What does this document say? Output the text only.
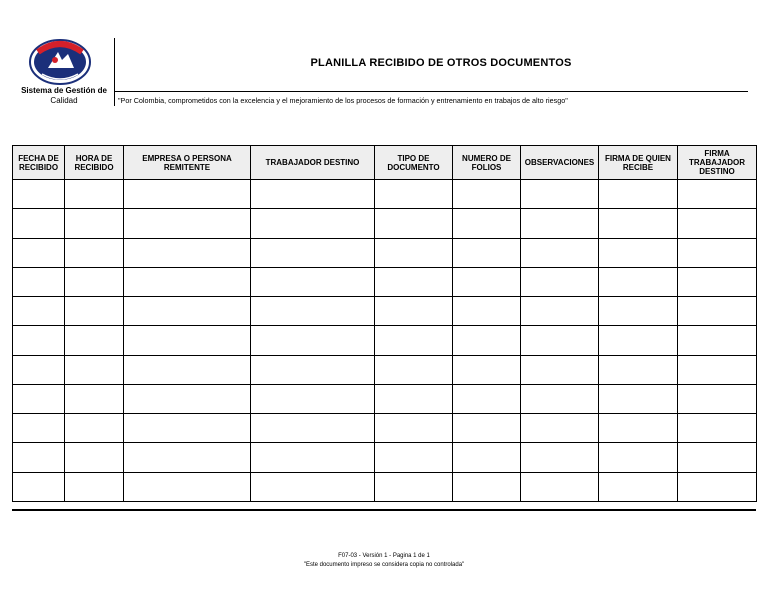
Sistema de Gestión de
Calidad
PLANILLA RECIBIDO DE OTROS DOCUMENTOS
"Por Colombia, comprometidos con la excelencia y el mejoramiento de los procesos de formación y entrenamiento en trabajos de alto riesgo"
FECHA DE RECIBIDO	HORA DE RECIBIDO	EMPRESA O PERSONA REMITENTE	TRABAJADOR DESTINO	TIPO DE DOCUMENTO	NUMERO DE FOLIOS	OBSERVACIONES	FIRMA DE QUIEN RECIBE	FIRMA TRABAJADOR DESTINO

F07-03 - Versión 1 - Pagina 1 de 1
"Este documento impreso se considera copia no controlada"
